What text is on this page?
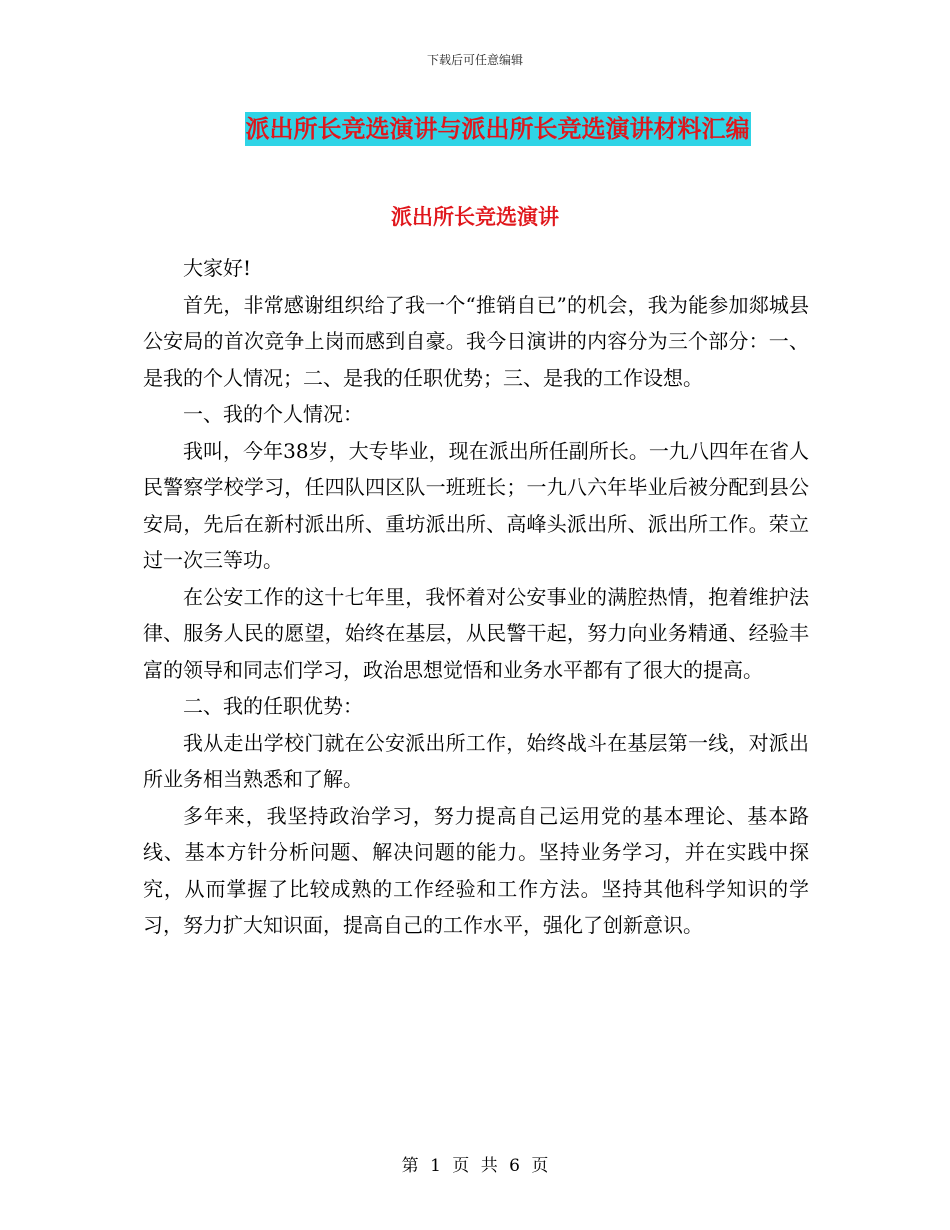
下载后可任意编辑
派出所长竞选演讲与派出所长竞选演讲材料汇编
派出所长竞选演讲

大家好!

首先，非常感谢组织给了我一个“推销自已”的机会，我为能参加郯城县公安局的首次竞争上岗而感到自豪。我今日演讲的内容分为三个部分：一、是我的个人情况；二、是我的任职优势；三、是我的工作设想。

一、我的个人情况：

我叫，今年38岁，大专毕业，现在派出所任副所长。一九八四年在省人民警察学校学习，任四队四区队一班班长；一九八六年毕业后被分配到县公安局，先后在新村派出所、重坊派出所、高峰头派出所、派出所工作。荣立过一次三等功。

在公安工作的这十七年里，我怀着对公安事业的满腔热情，抱着维护法律、服务人民的愿望，始终在基层，从民警干起，努力向业务精通、经验丰富的领导和同志们学习，政治思想觉悟和业务水平都有了很大的提高。

二、我的任职优势：

我从走出学校门就在公安派出所工作，始终战斗在基层第一线，对派出所业务相当熟悉和了解。

多年来，我坚持政治学习，努力提高自己运用党的基本理论、基本路线、基本方针分析问题、解决问题的能力。坚持业务学习，并在实践中探究，从而掌握了比较成熟的工作经验和工作方法。坚持其他科学知识的学习，努力扩大知识面，提高自己的工作水平，强化了创新意识。

第 1 页 共 6 页
